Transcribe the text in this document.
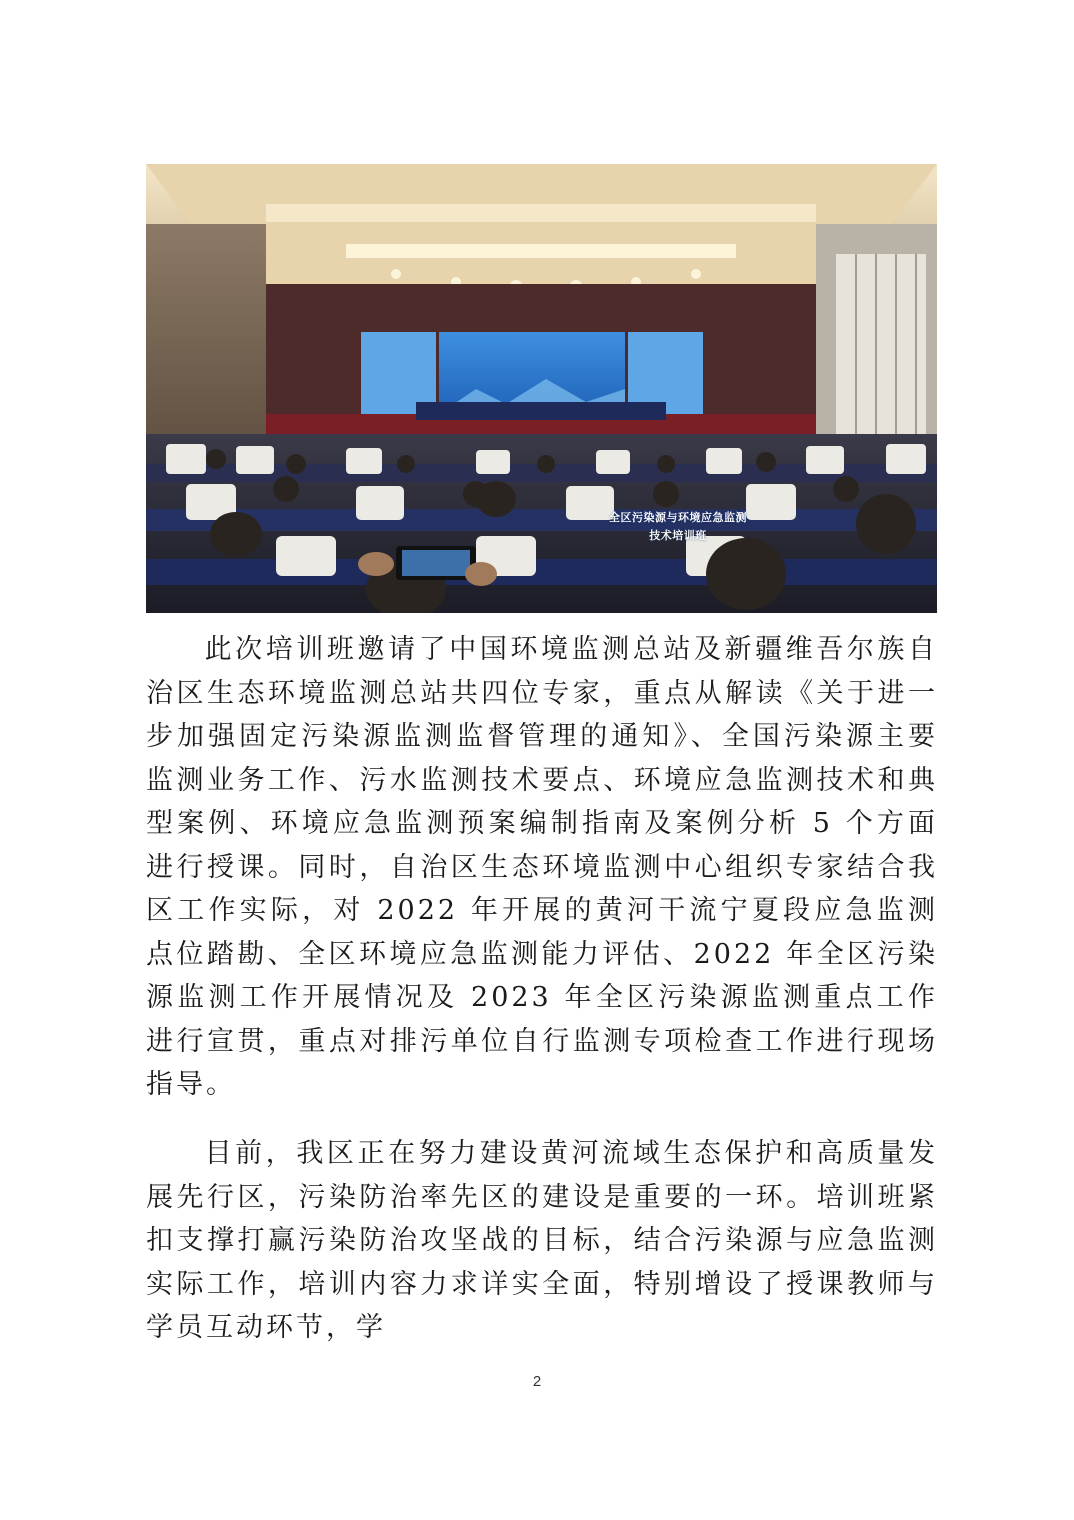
全区污染源与环境应急监测
技术培训班
此次培训班邀请了中国环境监测总站及新疆维吾尔族自治区生态环境监测总站共四位专家，重点从解读《关于进一步加强固定污染源监测监督管理的通知》、全国污染源主要监测业务工作、污水监测技术要点、环境应急监测技术和典型案例、环境应急监测预案编制指南及案例分析 5 个方面进行授课。同时，自治区生态环境监测中心组织专家结合我区工作实际，对 2022 年开展的黄河干流宁夏段应急监测点位踏勘、全区环境应急监测能力评估、2022 年全区污染源监测工作开展情况及 2023 年全区污染源监测重点工作进行宣贯，重点对排污单位自行监测专项检查工作进行现场指导。
目前，我区正在努力建设黄河流域生态保护和高质量发展先行区，污染防治率先区的建设是重要的一环。培训班紧扣支撑打赢污染防治攻坚战的目标，结合污染源与应急监测实际工作，培训内容力求详实全面，特别增设了授课教师与学员互动环节，学
2
